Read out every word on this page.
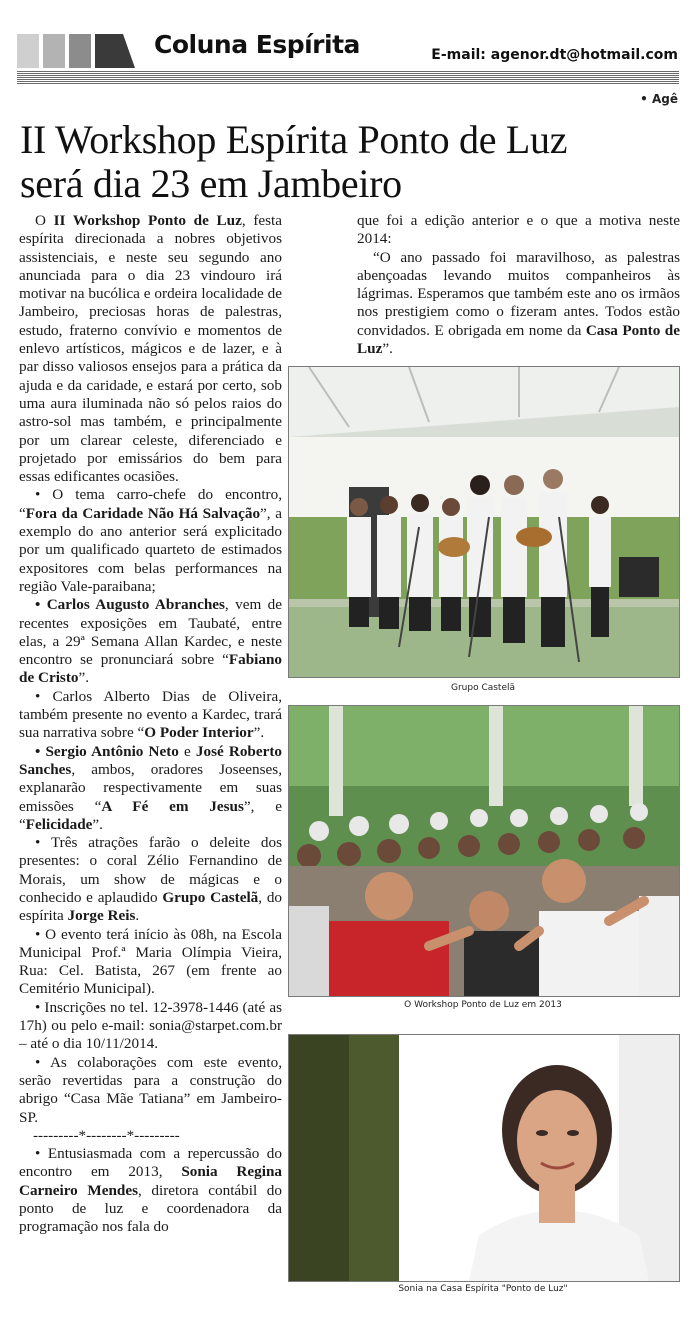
Coluna Espírita	E-mail: agenor.dt@hotmail.com
• Agê
II Workshop Espírita Ponto de Luz
será dia 23 em Jambeiro

O II Workshop Ponto de Luz, festa espírita direcionada a nobres objetivos assistenciais, e neste seu segundo ano anunciada para o dia 23 vindouro irá motivar na bucólica e ordeira localidade de Jambeiro, preciosas horas de palestras, estudo, fraterno convívio e momentos de enlevo artísticos, mágicos e de lazer, e à par disso valiosos ensejos para a prática da ajuda e da caridade, e estará por certo, sob uma aura iluminada não só pelos raios do astro-sol mas também, e principalmente por um clarear celeste, diferenciado e projetado por emissários do bem para essas edificantes ocasiões.

• O tema carro-chefe do encontro, “Fora da Caridade Não Há Salvação”, a exemplo do ano anterior será explicitado por um qualificado quarteto de estimados expositores com belas performances na região Vale-paraibana;

• Carlos Augusto Abranches, vem de recentes exposições em Taubaté, entre elas, a 29ª Semana Allan Kardec, e neste encontro se pronunciará sobre “Fabiano de Cristo”.

• Carlos Alberto Dias de Oliveira, também presente no evento a Kardec, trará sua narrativa sobre “O Poder Interior”.

• Sergio Antônio Neto e José Roberto Sanches, ambos, oradores Joseenses, explanarão respectivamente em suas emissões “A Fé em Jesus”, e “Felicidade”.

• Três atrações farão o deleite dos presentes: o coral Zélio Fernandino de Morais, um show de mágicas e o conhecido e aplaudido Grupo Castelã, do espírita Jorge Reis.

• O evento terá início às 08h, na Escola Municipal Prof.ª Maria Olímpia Vieira, Rua: Cel. Batista, 267 (em frente ao Cemitério Municipal).

• Inscrições no tel. 12-3978-1446 (até as 17h) ou pelo e-mail: sonia@starpet.com.br – até o dia 10/11/2014.

• As colaborações com este evento, serão revertidas para a construção do abrigo “Casa Mãe Tatiana” em Jambeiro-SP.

---------*--------*---------

• Entusiasmada com a repercussão do encontro em 2013, Sonia Regina Carneiro Mendes, diretora contábil do ponto de luz e coordenadora da programação nos fala do

que foi a edição anterior e o que a motiva neste 2014:

“O ano passado foi maravilhoso, as palestras abençoadas levando muitos companheiros às lágrimas. Esperamos que também este ano os irmãos nos prestigiem como o fizeram antes. Todos estão convidados. E obrigada em nome da Casa Ponto de Luz”.

Grupo Castelã
O Workshop Ponto de Luz em 2013
Sonia na Casa Espírita "Ponto de Luz"
